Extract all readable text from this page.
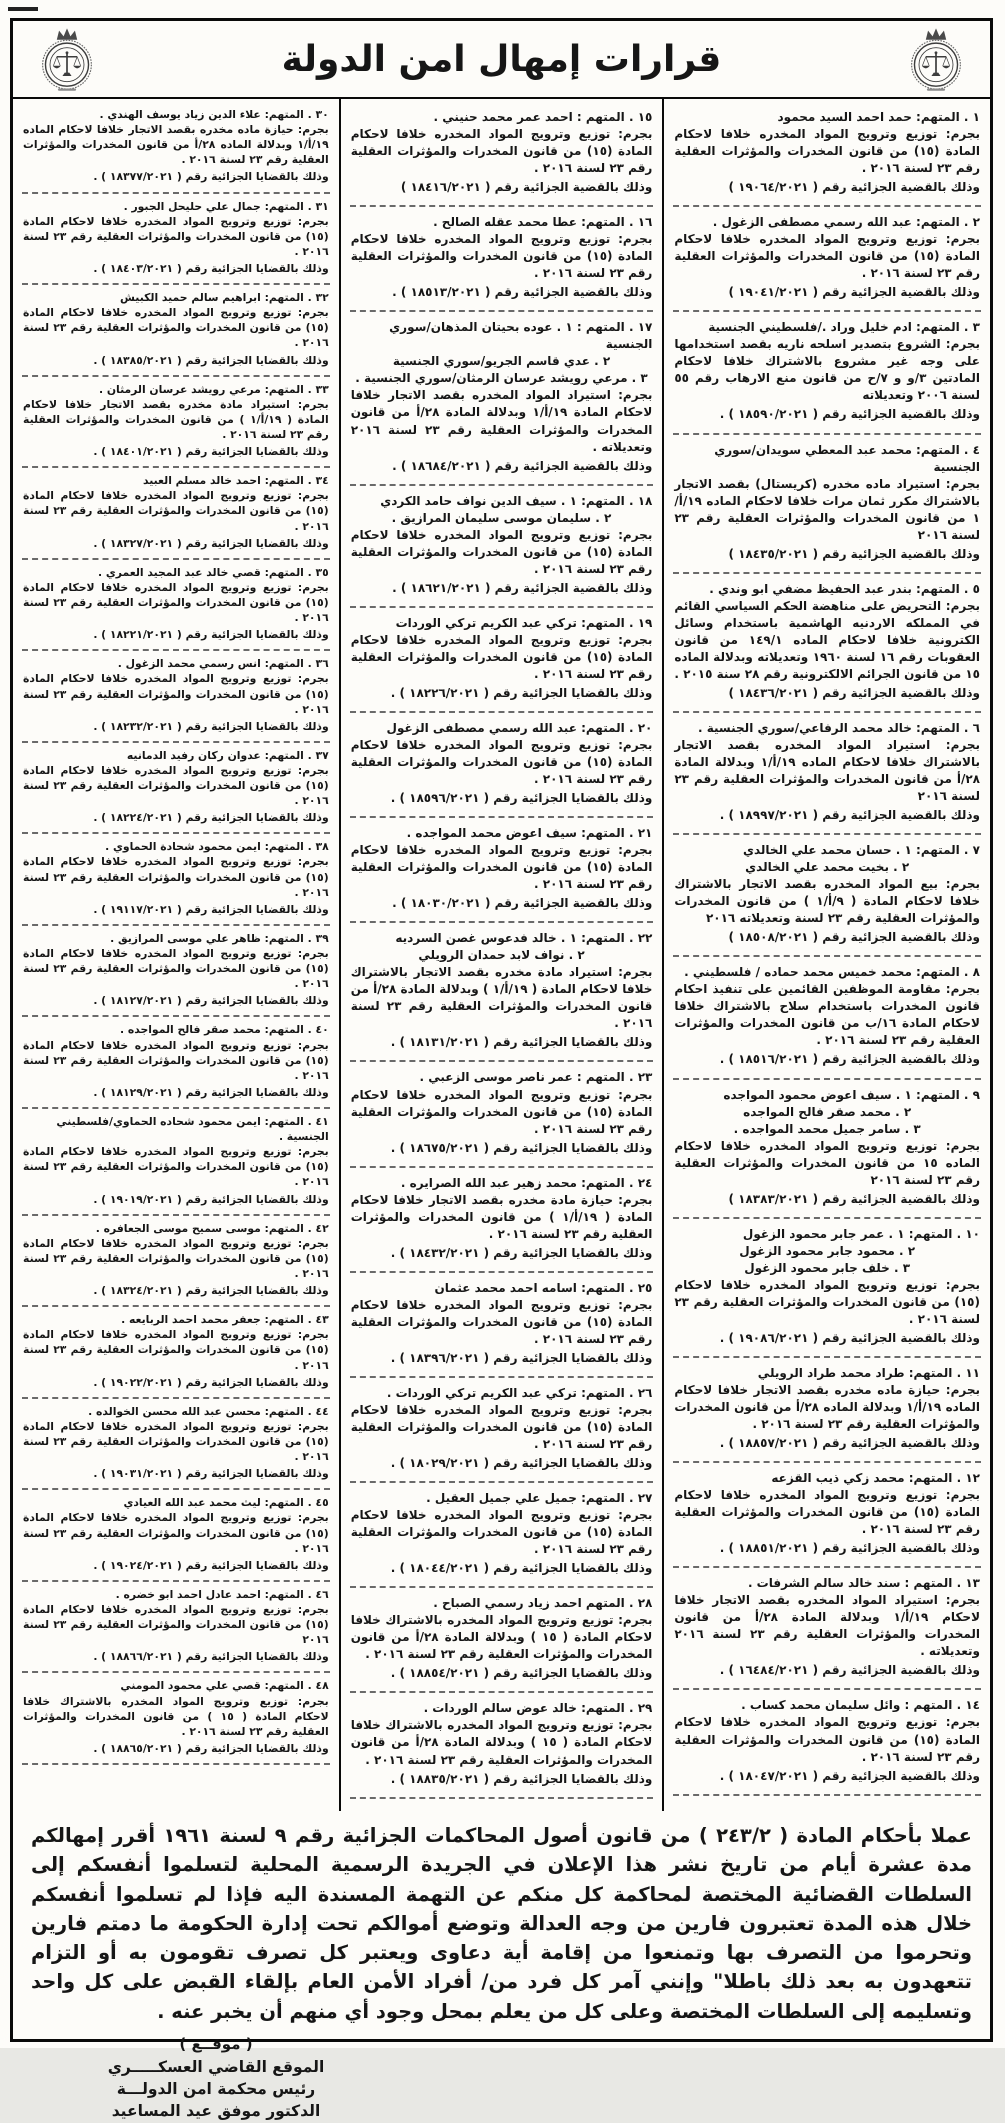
قرارات إمهال امن الدولة
١ . المتهم: حمد احمد السيد محمود
بجرم: توزيع وترويج المواد المخدره خلافا لاحكام المادة (١٥) من قانون المخدرات والمؤثرات العقلية رقم ٢٣ لسنة ٢٠١٦ .
وذلك بالقضية الجزائية رقم ( ١٩٠٦٤/٢٠٢١ )
٢ . المتهم: عبد الله رسمي مصطفى الزغول .
بجرم: توزيع وترويج المواد المخدره خلافا لاحكام المادة (١٥) من قانون المخدرات والمؤثرات العقلية رقم ٢٣ لسنة ٢٠١٦ .
وذلك بالقضية الجزائية رقم ( ١٩٠٤١/٢٠٢١ )
٣ . المتهم: ادم خليل وراد ./فلسطيني الجنسية
بجرم: الشروع بتصدير اسلحه ناريه بقصد استخدامها على وجه غير مشروع بالاشتراك خلافا لاحكام المادتين ٣/و و ٧/ح من قانون منع الارهاب رقم ٥٥ لسنة ٢٠٠٦ وتعديلاته
وذلك بالقضية الجزائية رقم ( ١٨٥٩٠/٢٠٢١ ) .
٤ . المتهم: محمد عبد المعطي سويدان/سوري الجنسية
بجرم: استيراد ماده مخدره (كريستال) بقصد الاتجار بالاشتراك مكرر ثمان مرات خلافا لاحكام الماده ١٩/أ/١ من قانون المخدرات والمؤثرات العقلية رقم ٢٣ لسنة ٢٠١٦
وذلك بالقضية الجزائية رقم ( ١٨٤٣٥/٢٠٢١ )
٥ . المتهم: بندر عبد الحفيظ مضفي ابو وندي .
بجرم: التحريض على مناهضة الحكم السياسي القائم في المملكه الاردنيه الهاشمية باستخدام وسائل الكترونية خلافا لاحكام الماده ١٤٩/١ من قانون العقوبات رقم ١٦ لسنة ١٩٦٠ وتعديلاته وبدلالة الماده ١٥ من قانون الجرائم الالكترونية رقم ٢٨ سنة ٢٠١٥ .
وذلك بالقضية الجزائية رقم ( ١٨٤٣٦/٢٠٢١ )
٦ . المتهم: خالد محمد الرفاعي/سوري الجنسية .
بجرم: استيراد المواد المخدره بقصد الاتجار بالاشتراك خلافا لاحكام الماده ١٩/أ/١ وبدلالة المادة ٢٨/أ من قانون المخدرات والمؤثرات العقلية رقم ٢٣ لسنة ٢٠١٦
وذلك بالقضية الجزائية رقم ( ١٨٩٩٧/٢٠٢١ ) .
٧ . المتهم: ١ . حسان محمد علي الخالدي
٢ . بخيت محمد علي الخالدي
بجرم: بيع المواد المخدره بقصد الاتجار بالاشتراك خلافا لاحكام المادة ( ٩/أ/١ ) من قانون المخدرات والمؤثرات العقلية رقم ٢٣ لسنة وتعديلاته ٢٠١٦
وذلك بالقضية الجزائية رقم ( ١٨٥٠٨/٢٠٢١ )
٨ . المتهم: محمد خميس محمد حماده / فلسطيني .
بجرم: مقاومة الموظفين القائمين على تنفيذ احكام قانون المخدرات باستخدام سلاح بالاشتراك خلافا لاحكام المادة ١٦/ب من قانون المخدرات والمؤثرات العقلية رقم ٢٣ لسنة ٢٠١٦ .
وذلك بالقضية الجزائية رقم ( ١٨٥١٦/٢٠٢١ ) .
٩ . المتهم: ١ . سيف اعوض محمود المواجده
٢ . محمد صقر فالح المواجده
٣ . سامر جميل محمد المواجده .
بجرم: توزيع وترويج المواد المخدره خلافا لاحكام الماده ١٥ من قانون المخدرات والمؤثرات العقلية رقم ٢٣ لسنة ٢٠١٦
وذلك بالقضية الجزائية رقم ( ١٨٣٨٣/٢٠٢١ )
١٠ . المتهم: ١ . عمر جابر محمود الزغول
٢ . محمود جابر محمود الزغول
٣ . خلف جابر محمود الزغول
بجرم: توزيع وترويج المواد المخدره خلافا لاحكام (١٥) من قانون المخدرات والمؤثرات العقلية رقم ٢٣ لسنة ٢٠١٦ .
وذلك بالقضية الجزائية رقم ( ١٩٠٨٦/٢٠٢١ ) .
١١ . المتهم: طراد محمد طراد الرويلي
بجرم: حيازة ماده مخدره بقصد الاتجار خلافا لاحكام الماده ١٩/أ/١ وبدلالة الماده ٢٨/أ من قانون المخدرات والمؤثرات العقلية رقم ٢٣ لسنة ٢٠١٦ .
وذلك بالقضية الجزائية رقم ( ١٨٨٥٧/٢٠٢١ ) .
١٢ . المتهم: محمد زكي ذيب القزعه
بجرم: توزيع وترويج المواد المخدره خلافا لاحكام المادة (١٥) من قانون المخدرات والمؤثرات العقلية رقم ٢٣ لسنة ٢٠١٦ .
وذلك بالقضية الجزائية رقم ( ١٨٨٥١/٢٠٢١ ) .
١٣ . المتهم : سند خالد سالم الشرفات .
بجرم: استيراد المواد المخدره بقصد الاتجار خلافا لاحكام ١٩/أ/١ وبدلالة المادة ٢٨/أ من قانون المخدرات والمؤثرات العقلية رقم ٢٣ لسنة ٢٠١٦ وتعديلاته .
وذلك بالقضية الجزائية رقم ( ١٦٤٨٤/٢٠٢١ ) .
١٤ . المتهم : وائل سليمان محمد كساب .
بجرم: توزيع وترويج المواد المخدره خلافا لاحكام المادة (١٥) من قانون المخدرات والمؤثرات العقلية رقم ٢٣ لسنة ٢٠١٦ .
وذلك بالقضية الجزائية رقم ( ١٨٠٤٧/٢٠٢١ ) .
١٥ . المتهم : احمد عمر محمد حنيني .
بجرم: توزيع وترويج المواد المخدره خلافا لاحكام المادة (١٥) من قانون المخدرات والمؤثرات العقلية رقم ٢٣ لسنة ٢٠١٦ .
وذلك بالقضية الجزائية رقم ( ١٨٤١٦/٢٠٢١ )
١٦ . المتهم: عطا محمد عقله الصالح .
بجرم: توزيع وترويج المواد المخدره خلافا لاحكام المادة (١٥) من قانون المخدرات والمؤثرات العقلية رقم ٢٣ لسنة ٢٠١٦ .
وذلك بالقضية الجزائية رقم ( ١٨٥١٣/٢٠٢١ ) .
١٧ . المتهم : ١ . عوده بحيتان المذهان/سوري الجنسية
٢ . عدي قاسم الجريو/سوري الجنسية
٣ . مرعي رويشد عرسان الرمثان/سوري الجنسية .
بجرم: استيراد المواد المخدره بقصد الاتجار خلافا لاحكام المادة ١٩/أ/١ وبدلالة المادة ٢٨/أ من قانون المخدرات والمؤثرات العقلية رقم ٢٣ لسنة ٢٠١٦ وتعديلاته .
وذلك بالقضية الجزائية رقم ( ١٨٦٨٤/٢٠٢١ ) .
١٨ . المتهم: ١ . سيف الدين نواف حامد الكردي
٢ . سليمان موسى سليمان المرازيق .
بجرم: توزيع وترويج المواد المخدره خلافا لاحكام المادة (١٥) من قانون المخدرات والمؤثرات العقلية رقم ٢٣ لسنة ٢٠١٦ .
وذلك بالقضية الجزائية رقم ( ١٨٦٢١/٢٠٢١ ) .
١٩ . المتهم: تركي عبد الكريم تركي الوردات
بجرم: توزيع وترويج المواد المخدره خلافا لاحكام المادة (١٥) من قانون المخدرات والمؤثرات العقلية رقم ٢٣ لسنة ٢٠١٦ .
وذلك بالقضايا الجزائية رقم ( ١٨٢٢٦/٢٠٢١ ) .
٢٠ . المتهم: عبد الله رسمي مصطفى الزغول
بجرم: توزيع وترويج المواد المخدره خلافا لاحكام المادة (١٥) من قانون المخدرات والمؤثرات العقلية رقم ٢٣ لسنة ٢٠١٦ .
وذلك بالقضايا الجزائية رقم ( ١٨٥٩٦/٢٠٢١ ) .
٢١ . المتهم: سيف اعوض محمد المواجده .
بجرم: توزيع وترويج المواد المخدره خلافا لاحكام المادة (١٥) من قانون المخدرات والمؤثرات العقلية رقم ٢٣ لسنة ٢٠١٦ .
وذلك بالقضية الجزائية رقم ( ١٨٠٣٠/٢٠٢١ ) .
٢٢ . المتهم: ١ . خالد فدعوس غصن السرديه
٢ . نواف لابد حمدان الرويلي
بجرم: استيراد مادة مخدره بقصد الاتجار بالاشتراك خلافا لاحكام المادة ( ١٩/أ/١ ) وبدلالة المادة ٢٨/أ من قانون المخدرات والمؤثرات العقلية رقم ٢٣ لسنة ٢٠١٦ .
وذلك بالقضايا الجزائية رقم ( ١٨١٣١/٢٠٢١ ) .
٢٣ . المتهم : عمر ناصر موسى الزعبي .
بجرم: توزيع وترويج المواد المخدره خلافا لاحكام المادة (١٥) من قانون المخدرات والمؤثرات العقلية رقم ٢٣ لسنة ٢٠١٦ .
وذلك بالقضايا الجزائية رقم ( ١٨٦٧٥/٢٠٢١ ) .
٢٤ . المتهم: محمد زهير عبد الله الصرايره .
بجرم: حيازة مادة مخدره بقصد الاتجار خلافا لاحكام المادة ( ١٩/أ/١ ) من قانون المخدرات والمؤثرات العقلية رقم ٢٣ لسنة ٢٠١٦ .
وذلك بالقضايا الجزائية رقم ( ١٨٤٣٢/٢٠٢١ ) .
٢٥ . المتهم: اسامه احمد محمد عثمان
بجرم: توزيع وترويج المواد المخدره خلافا لاحكام المادة (١٥) من قانون المخدرات والمؤثرات العقلية رقم ٢٣ لسنة ٢٠١٦ .
وذلك بالقضايا الجزائية رقم ( ١٨٣٩٦/٢٠٢١ ) .
٢٦ . المتهم: تركي عبد الكريم تركي الوردات .
بجرم: توزيع وترويج المواد المخدره خلافا لاحكام المادة (١٥) من قانون المخدرات والمؤثرات العقلية رقم ٢٣ لسنة ٢٠١٦ .
وذلك بالقضايا الجزائية رقم ( ١٨٠٢٩/٢٠٢١ ) .
٢٧ . المتهم: جميل علي جميل العقيل .
بجرم: توزيع وترويج المواد المخدره خلافا لاحكام المادة (١٥) من قانون المخدرات والمؤثرات العقلية رقم ٢٣ لسنة ٢٠١٦ .
وذلك بالقضايا الجزائية رقم ( ١٨٠٤٤/٢٠٢١ ) .
٢٨ . المتهم احمد زياد رسمي الصباح .
بجرم: توزيع وترويج المواد المخدره بالاشتراك خلافا لاحكام المادة ( ١٥ ) وبدلالة المادة ٢٨/أ من قانون المخدرات والمؤثرات العقلية رقم ٢٣ لسنة ٢٠١٦ .
وذلك بالقضايا الجزائية رقم ( ١٨٨٥٤/٢٠٢١ ) .
٢٩ . المتهم: خالد عوض سالم الوردات .
بجرم: توزيع وترويج المواد المخدره بالاشتراك خلافا لاحكام المادة ( ١٥ ) وبدلالة المادة ٢٨/أ من قانون المخدرات والمؤثرات العقلية رقم ٢٣ لسنة ٢٠١٦ .
وذلك بالقضايا الجزائية رقم ( ١٨٨٣٥/٢٠٢١ ) .
٣٠ . المتهم: علاء الدين زياد يوسف الهندي .
بجرم: حيازة ماده مخدره بقصد الاتجار خلافا لاحكام الماده ١٩/أ/١ وبدلالة الماده ٢٨/أ من قانون المخدرات والمؤثرات العقلية رقم ٢٣ لسنة ٢٠١٦ .
وذلك بالقضايا الجزائية رقم ( ١٨٣٧٧/٢٠٢١ ) .
٣١ . المتهم: جمال علي حليحل الجبور .
بجرم: توزيع وترويج المواد المخدره خلافا لاحكام المادة (١٥) من قانون المخدرات والمؤثرات العقلية رقم ٢٣ لسنة ٢٠١٦ .
وذلك بالقضايا الجزائية رقم ( ١٨٤٠٣/٢٠٢١ ) .
٣٢ . المتهم: ابراهيم سالم حميد الكبيش
بجرم: توزيع وترويج المواد المخدره خلافا لاحكام المادة (١٥) من قانون المخدرات والمؤثرات العقلية رقم ٢٣ لسنة ٢٠١٦ .
وذلك بالقضايا الجزائية رقم ( ١٨٣٨٥/٢٠٢١ ) .
٣٣ . المتهم: مرعي رويشد عرسان الرمثان .
بجرم: استيراد مادة مخدره بقصد الاتجار خلافا لاحكام المادة ( ١٩/أ/١ ) من قانون المخدرات والمؤثرات العقلية رقم ٢٣ لسنة ٢٠١٦ .
وذلك بالقضايا الجزائية رقم ( ١٨٤٠١/٢٠٢١ ) .
٣٤ . المتهم: احمد خالد مسلم العبيد
بجرم: توزيع وترويج المواد المخدره خلافا لاحكام المادة (١٥) من قانون المخدرات والمؤثرات العقلية رقم ٢٣ لسنة ٢٠١٦ .
وذلك بالقضايا الجزائية رقم ( ١٨٣٢٧/٢٠٢١ ) .
٣٥ . المتهم: قصي خالد عبد المجيد العمري .
بجرم: توزيع وترويج المواد المخدره خلافا لاحكام المادة (١٥) من قانون المخدرات والمؤثرات العقلية رقم ٢٣ لسنة ٢٠١٦ .
وذلك بالقضايا الجزائية رقم ( ١٨٢٢١/٢٠٢١ ) .
٣٦ . المتهم: انس رسمي محمد الزغول .
بجرم: توزيع وترويج المواد المخدره خلافا لاحكام المادة (١٥) من قانون المخدرات والمؤثرات العقلية رقم ٢٣ لسنة ٢٠١٦ .
وذلك بالقضايا الجزائية رقم ( ١٨٢٣٢/٢٠٢١ ) .
٣٧ . المتهم: عدوان ركان رفيد الدمانيه
بجرم: توزيع وترويج المواد المخدره خلافا لاحكام المادة (١٥) من قانون المخدرات والمؤثرات العقلية رقم ٢٣ لسنة ٢٠١٦ .
وذلك بالقضايا الجزائية رقم ( ١٨٢٢٤/٢٠٢١ ) .
٣٨ . المتهم: ايمن محمود شحادة الحماوي .
بجرم: توزيع وترويج المواد المخدره خلافا لاحكام المادة (١٥) من قانون المخدرات والمؤثرات العقلية رقم ٢٣ لسنة ٢٠١٦ .
وذلك بالقضايا الجزائية رقم ( ١٩١١٧/٢٠٢١ ) .
٣٩ . المتهم: ظاهر علي موسى المرازيق .
بجرم: توزيع وترويج المواد المخدره خلافا لاحكام المادة (١٥) من قانون المخدرات والمؤثرات العقلية رقم ٢٣ لسنة ٢٠١٦ .
وذلك بالقضايا الجزائية رقم ( ١٨١٢٧/٢٠٢١ ) .
٤٠ . المتهم: محمد صقر فالح المواجده .
بجرم: توزيع وترويج المواد المخدره خلافا لاحكام المادة (١٥) من قانون المخدرات والمؤثرات العقلية رقم ٢٣ لسنة ٢٠١٦ .
وذلك بالقضايا الجزائية رقم ( ١٨١٢٩/٢٠٢١ ) .
٤١ . المتهم: ايمن محمود شحاده الحماوي/فلسطيني الجنسية .
بجرم: توزيع وترويج المواد المخدره خلافا لاحكام المادة (١٥) من قانون المخدرات والمؤثرات العقلية رقم ٢٣ لسنة ٢٠١٦ .
وذلك بالقضايا الجزائية رقم ( ١٩٠١٩/٢٠٢١ ) .
٤٢ . المتهم: موسى سميح موسى الجعافره .
بجرم: توزيع وترويج المواد المخدره خلافا لاحكام المادة (١٥) من قانون المخدرات والمؤثرات العقلية رقم ٢٣ لسنة ٢٠١٦ .
وذلك بالقضايا الجزائية رقم ( ١٨٣٢٤/٢٠٢١ ) .
٤٣ . المتهم: جعفر محمد احمد الربايعه .
بجرم: توزيع وترويج المواد المخدره خلافا لاحكام المادة (١٥) من قانون المخدرات والمؤثرات العقلية رقم ٢٣ لسنة ٢٠١٦ .
وذلك بالقضايا الجزائية رقم ( ١٩٠٢٢/٢٠٢١ ) .
٤٤ . المتهم: محسن عبد الله محسن الخوالده .
بجرم: توزيع وترويج المواد المخدره خلافا لاحكام المادة (١٥) من قانون المخدرات والمؤثرات العقلية رقم ٢٣ لسنة ٢٠١٦ .
وذلك بالقضايا الجزائية رقم ( ١٩٠٣١/٢٠٢١ ) .
٤٥ . المتهم: ليث محمد عبد الله العيادي
بجرم: توزيع وترويج المواد المخدره خلافا لاحكام المادة (١٥) من قانون المخدرات والمؤثرات العقلية رقم ٢٣ لسنة ٢٠١٦ .
وذلك بالقضايا الجزائية رقم ( ١٩٠٢٤/٢٠٢١ ) .
٤٦ . المتهم: احمد عادل احمد ابو خضره .
بجرم: توزيع وترويج المواد المخدره خلافا لاحكام المادة (١٥) من قانون المخدرات والمؤثرات العقلية رقم ٢٣ لسنة ٢٠١٦
وذلك بالقضايا الجزائية رقم ( ١٨٨٦٦/٢٠٢١ ) .
٤٨ . المتهم: قصي علي محمود المومني
بجرم: توزيع وترويج المواد المخدره بالاشتراك خلافا لاحكام المادة ( ١٥ ) من قانون المخدرات والمؤثرات العقلية رقم ٢٣ لسنة ٢٠١٦ .
وذلك بالقضايا الجزائية رقم ( ١٨٨٦٥/٢٠٢١ ) .
عملا بأحكام المادة ( ٢٤٣/٢ ) من قانون أصول المحاكمات الجزائية رقم ٩ لسنة ١٩٦١ أقرر إمهالكم مدة عشرة أيام من تاريخ نشر هذا الإعلان في الجريدة الرسمية المحلية لتسلموا أنفسكم إلى السلطات القضائية المختصة لمحاكمة كل منكم عن التهمة المسندة اليه فإذا لم تسلموا أنفسكم خلال هذه المدة تعتبرون فارين من وجه العدالة وتوضع أموالكم تحت إدارة الحكومة ما دمتم فارين وتحرموا من التصرف بها وتمنعوا من إقامة أية دعاوى ويعتبر كل تصرف تقومون به أو التزام تتعهدون به بعد ذلك باطلا" وإنني آمر كل فرد من/ أفراد الأمن العام بإلقاء القبض على كل واحد وتسليمه إلى السلطات المختصة وعلى كل من يعلم بمحل وجود أي منهم أن يخبر عنه .
( موقــع )
الموقع القاضي العسكـــــري
رئيس محكمة امن الدولـــة
الدكتور موفق عيد المساعيد
